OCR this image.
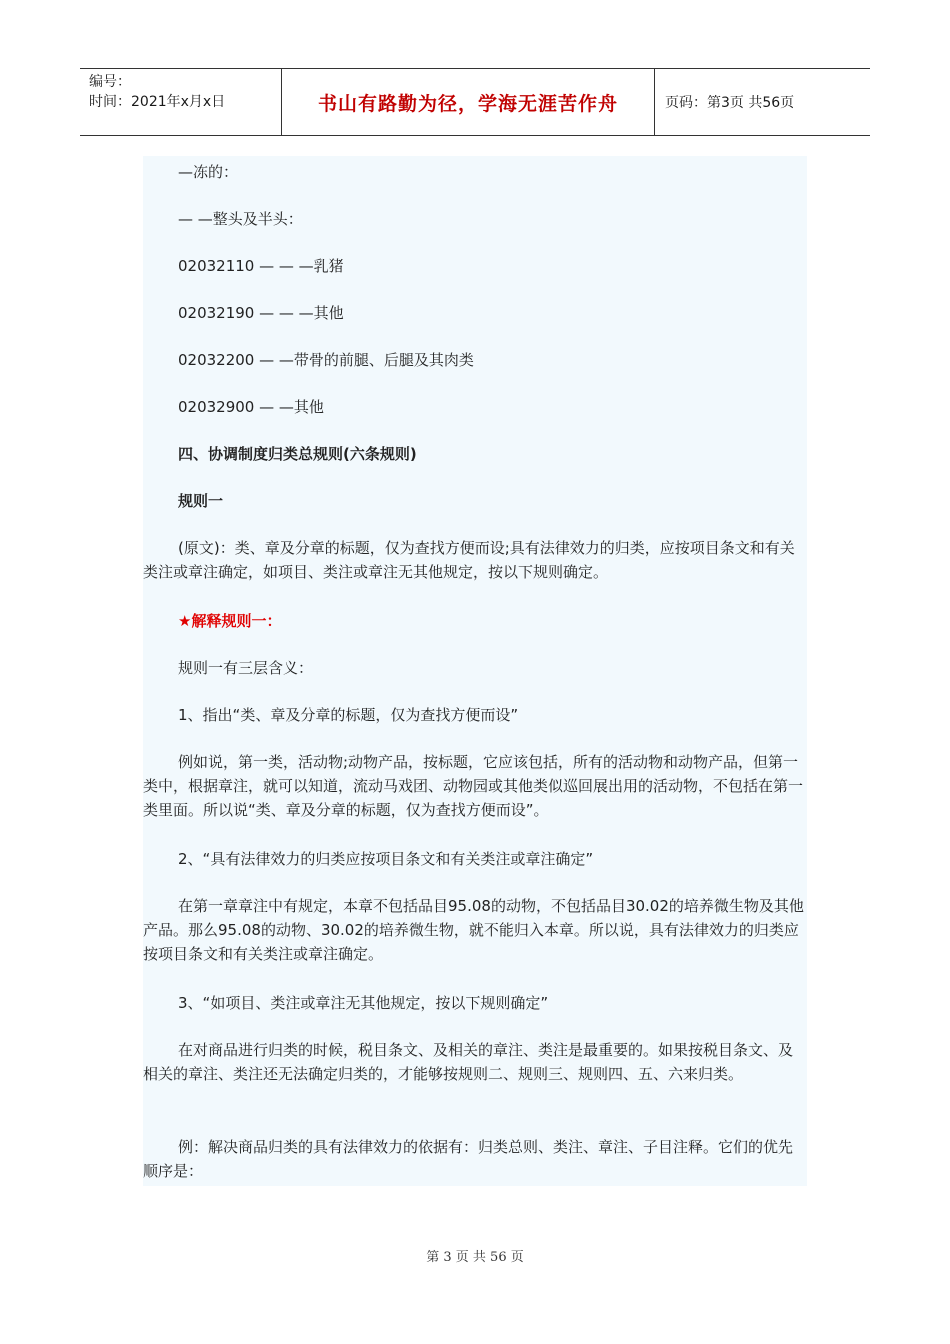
编号：
时间：2021年x月x日	书山有路勤为径，学海无涯苦作舟	页码：第3页 共56页
—冻的：
— —整头及半头：
02032110 — — —乳猪
02032190 — — —其他
02032200 — —带骨的前腿、后腿及其肉类
02032900 — —其他
四、协调制度归类总规则(六条规则)
规则一
(原文)：类、章及分章的标题，仅为查找方便而设;具有法律效力的归类，应按项目条文和有关类注或章注确定，如项目、类注或章注无其他规定，按以下规则确定。
★解释规则一：
规则一有三层含义：
1、指出“类、章及分章的标题，仅为查找方便而设”
例如说，第一类，活动物;动物产品，按标题，它应该包括，所有的活动物和动物产品，但第一类中，根据章注，就可以知道，流动马戏团、动物园或其他类似巡回展出用的活动物，不包括在第一类里面。所以说“类、章及分章的标题，仅为查找方便而设”。
2、“具有法律效力的归类应按项目条文和有关类注或章注确定”
在第一章章注中有规定，本章不包括品目95.08的动物，不包括品目30.02的培养微生物及其他产品。那么95.08的动物、30.02的培养微生物，就不能归入本章。所以说，具有法律效力的归类应按项目条文和有关类注或章注确定。
3、“如项目、类注或章注无其他规定，按以下规则确定”
在对商品进行归类的时候，税目条文、及相关的章注、类注是最重要的。如果按税目条文、及相关的章注、类注还无法确定归类的，才能够按规则二、规则三、规则四、五、六来归类。
例：解决商品归类的具有法律效力的依据有：归类总则、类注、章注、子目注释。它们的优先顺序是：
第 3 页 共 56 页
